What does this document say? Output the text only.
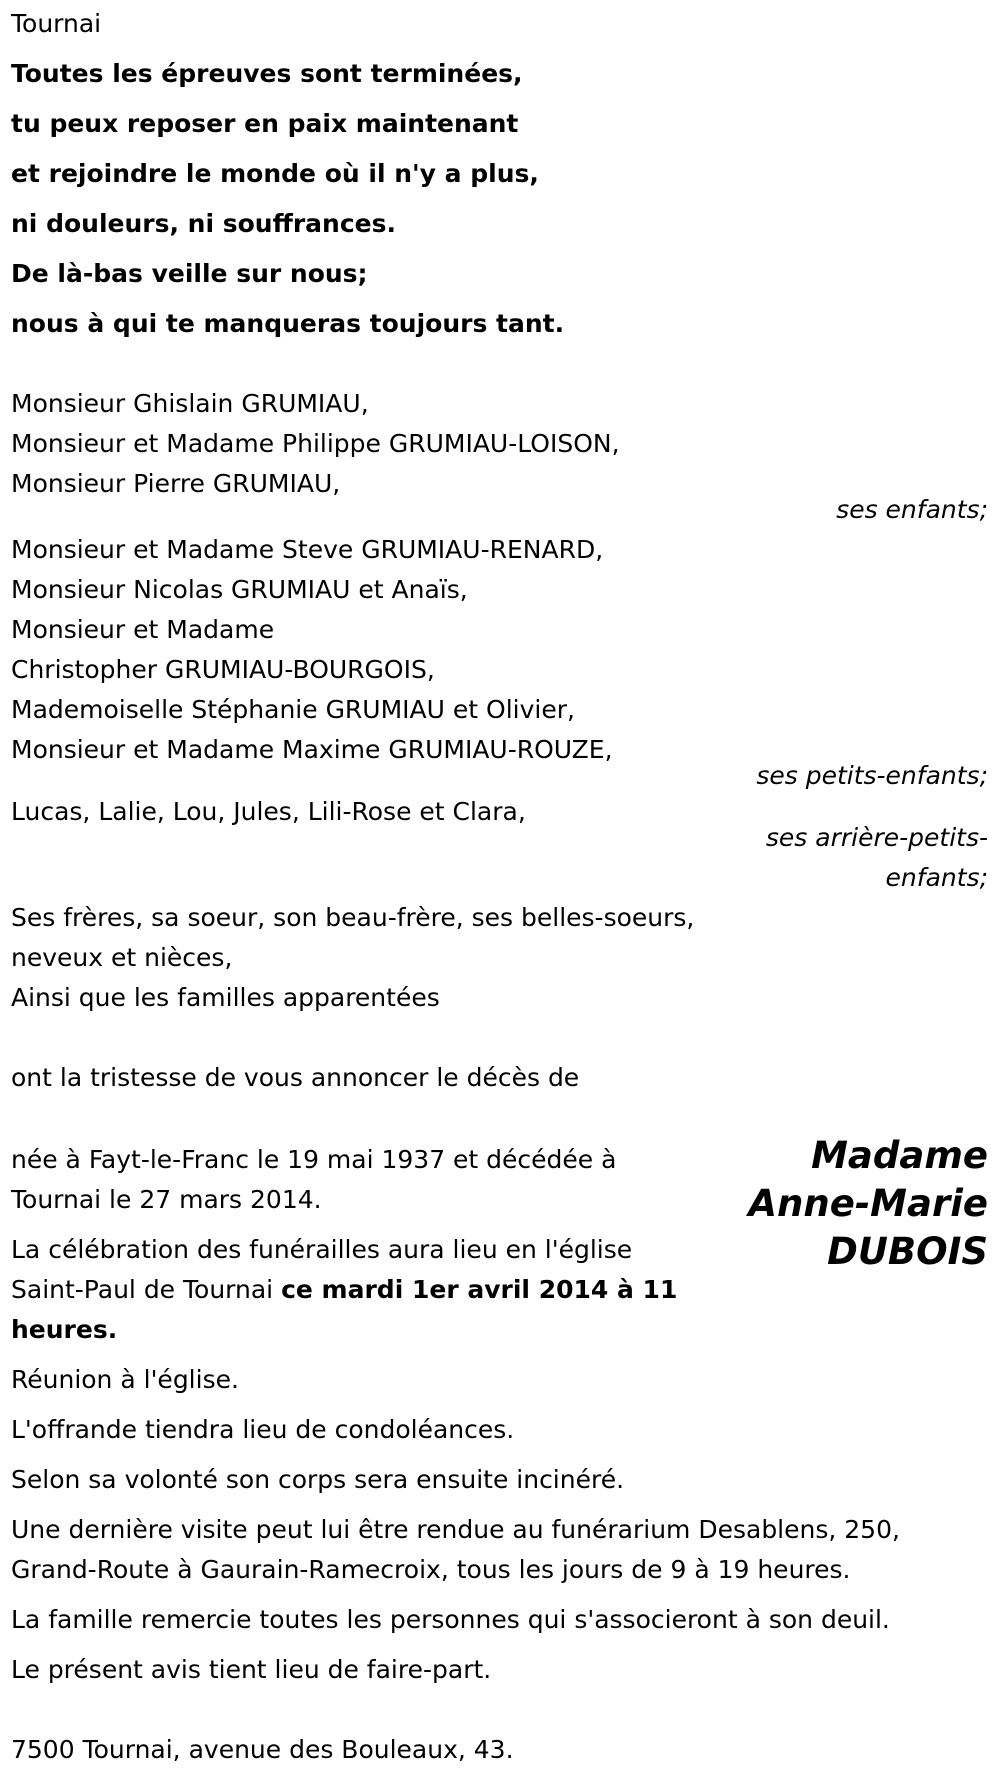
Tournai
Toutes les épreuves sont terminées,
tu peux reposer en paix maintenant
et rejoindre le monde où il n'y a plus,
ni douleurs, ni souffrances.
De là-bas veille sur nous;
nous à qui te manqueras toujours tant.
Monsieur Ghislain GRUMIAU,
Monsieur et Madame Philippe GRUMIAU-LOISON,
Monsieur Pierre GRUMIAU,
ses enfants;
Monsieur et Madame Steve GRUMIAU-RENARD,
Monsieur Nicolas GRUMIAU et Anaïs,
Monsieur et Madame
Christopher GRUMIAU-BOURGOIS,
Mademoiselle Stéphanie GRUMIAU et Olivier,
Monsieur et Madame Maxime GRUMIAU-ROUZE,
ses petits-enfants;
Lucas, Lalie, Lou, Jules, Lili-Rose et Clara,
ses arrière-petits-
enfants;
Ses frères, sa soeur, son beau-frère, ses belles-soeurs,
neveux et nièces,
Ainsi que les familles apparentées
ont la tristesse de vous annoncer le décès de
Madame
Anne-Marie
DUBOIS
née à Fayt-le-Franc le 19 mai 1937 et décédée à
Tournai le 27 mars 2014.
La célébration des funérailles aura lieu en l'église
Saint-Paul de Tournai ce mardi 1er avril 2014 à 11
heures.
Réunion à l'église.
L'offrande tiendra lieu de condoléances.
Selon sa volonté son corps sera ensuite incinéré.
Une dernière visite peut lui être rendue au funérarium Desablens, 250,
Grand-Route à Gaurain-Ramecroix, tous les jours de 9 à 19 heures.
La famille remercie toutes les personnes qui s'associeront à son deuil.
Le présent avis tient lieu de faire-part.
7500 Tournai, avenue des Bouleaux, 43.
